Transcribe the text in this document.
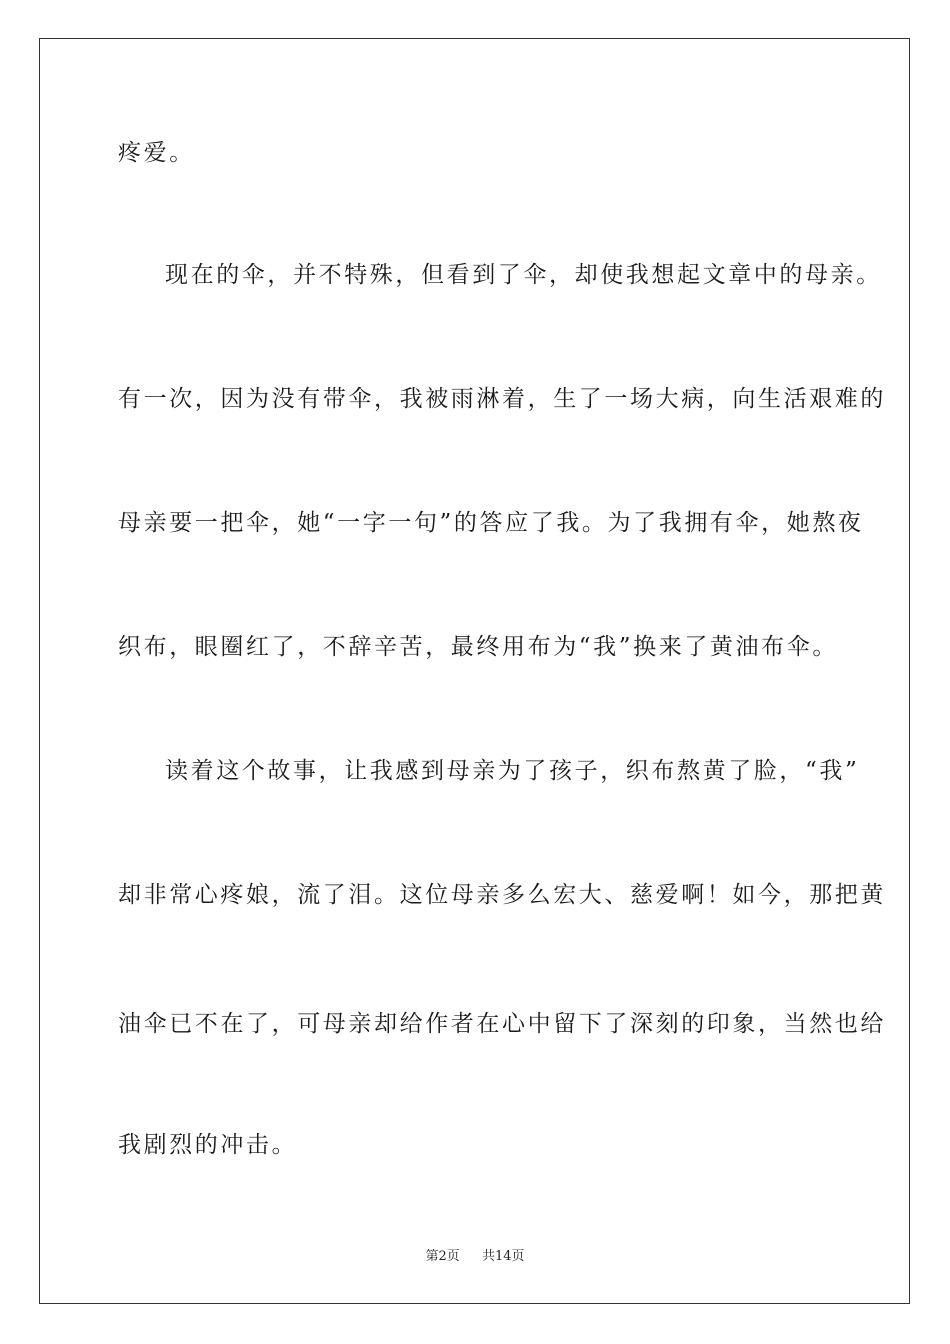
疼爱。
现在的伞，并不特殊，但看到了伞，却使我想起文章中的母亲。
有一次，因为没有带伞，我被雨淋着，生了一场大病，向生活艰难的
母亲要一把伞，她“一字一句”的答应了我。为了我拥有伞，她熬夜
织布，眼圈红了，不辞辛苦，最终用布为“我”换来了黄油布伞。
读着这个故事，让我感到母亲为了孩子，织布熬黄了脸，“我”
却非常心疼娘，流了泪。这位母亲多么宏大、慈爱啊！如今，那把黄
油伞已不在了，可母亲却给作者在心中留下了深刻的印象，当然也给
我剧烈的冲击。
第2页 共14页
